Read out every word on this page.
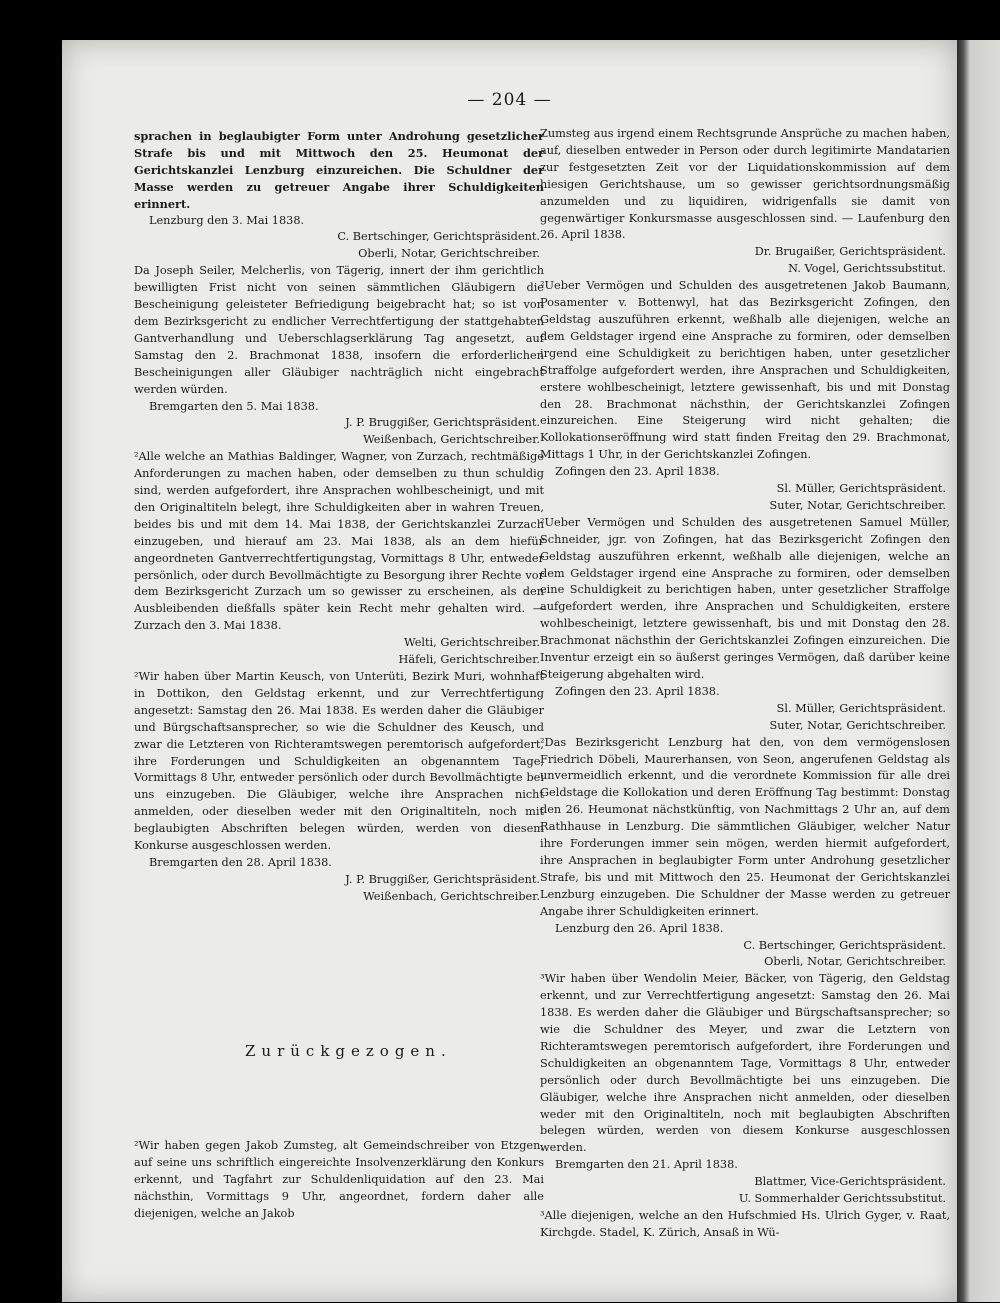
— 204 —

sprachen in beglaubigter Form unter Androhung gesetzlicher Strafe bis und mit Mittwoch den 25. Heumonat der Gerichtskanzlei Lenzburg einzureichen. Die Schuldner der Masse werden zu getreuer Angabe ihrer Schuldigkeiten erinnert.

Lenzburg den 3. Mai 1838.

C. Bertschinger, Gerichtspräsident.

Oberli, Notar, Gerichtschreiber.

Da Joseph Seiler, Melcherlis, von Tägerig, innert der ihm gerichtlich bewilligten Frist nicht von seinen sämmtlichen Gläubigern die Bescheinigung geleisteter Befriedigung beigebracht hat; so ist von dem Bezirksgericht zu endlicher Verrechtfertigung der stattgehabten Gantverhandlung und Ueberschlagserklärung Tag angesetzt, auf Samstag den 2. Brachmonat 1838, insofern die erforderlichen Bescheinigungen aller Gläubiger nachträglich nicht eingebracht werden würden.

Bremgarten den 5. Mai 1838.

J. P. Bruggißer, Gerichtspräsident.

Weißenbach, Gerichtschreiber.

²Alle welche an Mathias Baldinger, Wagner, von Zurzach, rechtmäßige Anforderungen zu machen haben, oder demselben zu thun schuldig sind, werden aufgefordert, ihre Ansprachen wohlbescheinigt, und mit den Originaltiteln belegt, ihre Schuldigkeiten aber in wahren Treuen, beides bis und mit dem 14. Mai 1838, der Gerichtskanzlei Zurzach einzugeben, und hierauf am 23. Mai 1838, als an dem hiefür angeordneten Gantverrechtfertigungstag, Vormittags 8 Uhr, entweder persönlich, oder durch Bevollmächtigte zu Besorgung ihrer Rechte vor dem Bezirksgericht Zurzach um so gewisser zu erscheinen, als den Ausbleibenden dießfalls später kein Recht mehr gehalten wird. — Zurzach den 3. Mai 1838.

Welti, Gerichtschreiber.

Häfeli, Gerichtschreiber.

²Wir haben über Martin Keusch, von Unterüti, Bezirk Muri, wohnhaft in Dottikon, den Geldstag erkennt, und zur Verrechtfertigung angesetzt: Samstag den 26. Mai 1838. Es werden daher die Gläubiger und Bürgschaftsansprecher, so wie die Schuldner des Keusch, und zwar die Letzteren von Richteramtswegen peremtorisch aufgefordert, ihre Forderungen und Schuldigkeiten an obgenanntem Tage, Vormittags 8 Uhr, entweder persönlich oder durch Bevollmächtigte bei uns einzugeben. Die Gläubiger, welche ihre Ansprachen nicht anmelden, oder dieselben weder mit den Originaltiteln, noch mit beglaubigten Abschriften belegen würden, werden von diesem Konkurse ausgeschlossen werden.

Bremgarten den 28. April 1838.

J. P. Bruggißer, Gerichtspräsident.

Weißenbach, Gerichtschreiber.

Zurückgezogen.

²Wir haben gegen Jakob Zumsteg, alt Gemeindschreiber von Etzgen, auf seine uns schriftlich eingereichte Insolvenzerklärung den Konkurs erkennt, und Tagfahrt zur Schuldenliquidation auf den 23. Mai nächsthin, Vormittags 9 Uhr, angeordnet, fordern daher alle diejenigen, welche an Jakob

Zumsteg aus irgend einem Rechtsgrunde Ansprüche zu machen haben, auf, dieselben entweder in Person oder durch legitimirte Mandatarien zur festgesetzten Zeit vor der Liquidationskommission auf dem hiesigen Gerichtshause, um so gewisser gerichtsordnungsmäßig anzumelden und zu liquidiren, widrigenfalls sie damit von gegenwärtiger Konkursmasse ausgeschlossen sind. — Laufenburg den 26. April 1838.

Dr. Brugaißer, Gerichtspräsident.

N. Vogel, Gerichtssubstitut.

²Ueber Vermögen und Schulden des ausgetretenen Jakob Baumann, Posamenter v. Bottenwyl, hat das Bezirksgericht Zofingen, den Geldstag auszuführen erkennt, weßhalb alle diejenigen, welche an dem Geldstager irgend eine Ansprache zu formiren, oder demselben irgend eine Schuldigkeit zu berichtigen haben, unter gesetzlicher Straffolge aufgefordert werden, ihre Ansprachen und Schuldigkeiten, erstere wohlbescheinigt, letztere gewissenhaft, bis und mit Donstag den 28. Brachmonat nächsthin, der Gerichtskanzlei Zofingen einzureichen. Eine Steigerung wird nicht gehalten; die Kollokationseröffnung wird statt finden Freitag den 29. Brachmonat, Mittags 1 Uhr, in der Gerichtskanzlei Zofingen.

Zofingen den 23. April 1838.

Sl. Müller, Gerichtspräsident.

Suter, Notar, Gerichtschreiber.

²Ueber Vermögen und Schulden des ausgetretenen Samuel Müller, Schneider, jgr. von Zofingen, hat das Bezirksgericht Zofingen den Geldstag auszuführen erkennt, weßhalb alle diejenigen, welche an dem Geldstager irgend eine Ansprache zu formiren, oder demselben eine Schuldigkeit zu berichtigen haben, unter gesetzlicher Straffolge aufgefordert werden, ihre Ansprachen und Schuldigkeiten, erstere wohlbescheinigt, letztere gewissenhaft, bis und mit Donstag den 28. Brachmonat nächsthin der Gerichtskanzlei Zofingen einzureichen. Die Inventur erzeigt ein so äußerst geringes Vermögen, daß darüber keine Steigerung abgehalten wird.

Zofingen den 23. April 1838.

Sl. Müller, Gerichtspräsident.

Suter, Notar, Gerichtschreiber.

²Das Bezirksgericht Lenzburg hat den, von dem vermögenslosen Friedrich Döbeli, Maurerhansen, von Seon, angerufenen Geldstag als unvermeidlich erkennt, und die verordnete Kommission für alle drei Geldstage die Kollokation und deren Eröffnung Tag bestimmt: Donstag den 26. Heumonat nächstkünftig, von Nachmittags 2 Uhr an, auf dem Rathhause in Lenzburg. Die sämmtlichen Gläubiger, welcher Natur ihre Forderungen immer sein mögen, werden hiermit aufgefordert, ihre Ansprachen in beglaubigter Form unter Androhung gesetzlicher Strafe, bis und mit Mittwoch den 25. Heumonat der Gerichtskanzlei Lenzburg einzugeben. Die Schuldner der Masse werden zu getreuer Angabe ihrer Schuldigkeiten erinnert.

Lenzburg den 26. April 1838.

C. Bertschinger, Gerichtspräsident.

Oberli, Notar, Gerichtschreiber.

³Wir haben über Wendolin Meier, Bäcker, von Tägerig, den Geldstag erkennt, und zur Verrechtfertigung angesetzt: Samstag den 26. Mai 1838. Es werden daher die Gläubiger und Bürgschaftsansprecher; so wie die Schuldner des Meyer, und zwar die Letztern von Richteramtswegen peremtorisch aufgefordert, ihre Forderungen und Schuldigkeiten an obgenanntem Tage, Vormittags 8 Uhr, entweder persönlich oder durch Bevollmächtigte bei uns einzugeben. Die Gläubiger, welche ihre Ansprachen nicht anmelden, oder dieselben weder mit den Originaltiteln, noch mit beglaubigten Abschriften belegen würden, werden von diesem Konkurse ausgeschlossen werden.

Bremgarten den 21. April 1838.

Blattmer, Vice-Gerichtspräsident.

U. Sommerhalder Gerichtssubstitut.

³Alle diejenigen, welche an den Hufschmied Hs. Ulrich Gyger, v. Raat, Kirchgde. Stadel, K. Zürich, Ansaß in Wü-
